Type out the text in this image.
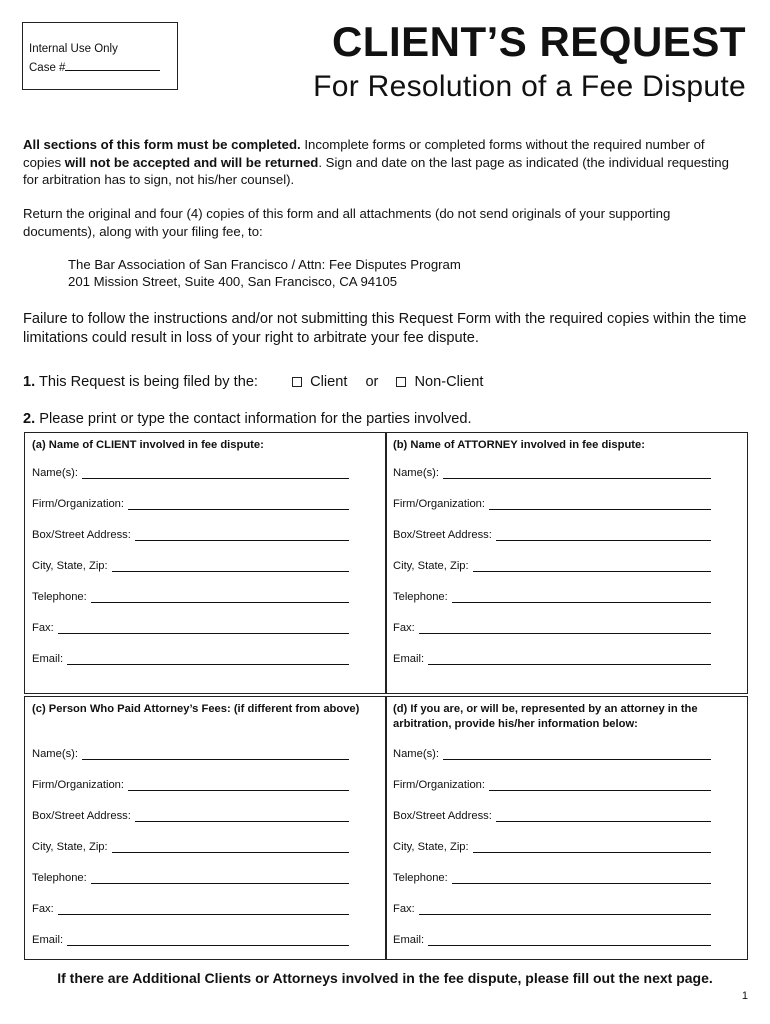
Internal Use Only
Case #
CLIENT’S REQUEST
For Resolution of a Fee Dispute
All sections of this form must be completed. Incomplete forms or completed forms without the required number of copies will not be accepted and will be returned. Sign and date on the last page as indicated (the individual requesting for arbitration has to sign, not his/her counsel).
Return the original and four (4) copies of this form and all attachments (do not send originals of your supporting documents), along with your filing fee, to:
The Bar Association of San Francisco / Attn: Fee Disputes Program
201 Mission Street, Suite 400, San Francisco, CA 94105
Failure to follow the instructions and/or not submitting this Request Form with the required copies within the time limitations could result in loss of your right to arbitrate your fee dispute.
1. This Request is being filed by the:	Client or Non-Client
2. Please print or type the contact information for the parties involved.
(a) Name of CLIENT involved in fee dispute:
Name(s):
Firm/Organization:
Box/Street Address:
City, State, Zip:
Telephone:
Fax:
Email:
(b) Name of ATTORNEY involved in fee dispute:
Name(s):
Firm/Organization:
Box/Street Address:
City, State, Zip:
Telephone:
Fax:
Email:
(c) Person Who Paid Attorney’s Fees: (if different from above)
Name(s):
Firm/Organization:
Box/Street Address:
City, State, Zip:
Telephone:
Fax:
Email:
(d) If you are, or will be, represented by an attorney in the arbitration, provide his/her information below:
Name(s):
Firm/Organization:
Box/Street Address:
City, State, Zip:
Telephone:
Fax:
Email:
If there are Additional Clients or Attorneys involved in the fee dispute, please fill out the next page.
1
